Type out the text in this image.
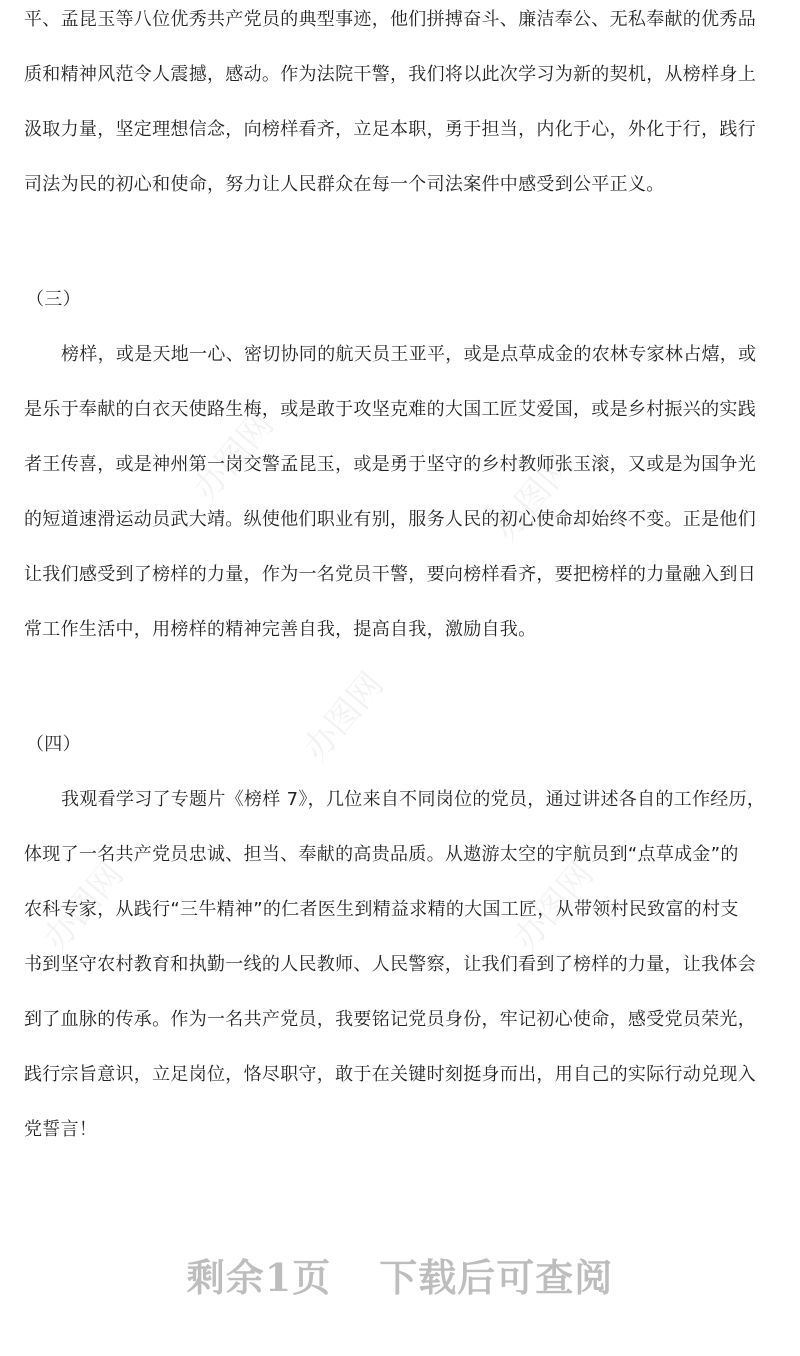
办图网	办图网
办图网
办图网	办图网
平、孟昆玉等八位优秀共产党员的典型事迹，他们拼搏奋斗、廉洁奉公、无私奉献的优秀品
质和精神风范令人震撼，感动。作为法院干警，我们将以此次学习为新的契机，从榜样身上
汲取力量，坚定理想信念，向榜样看齐，立足本职，勇于担当，内化于心，外化于行，践行
司法为民的初心和使命，努力让人民群众在每一个司法案件中感受到公平正义。
（三）
榜样，或是天地一心、密切协同的航天员王亚平，或是点草成金的农林专家林占熺，或
是乐于奉献的白衣天使路生梅，或是敢于攻坚克难的大国工匠艾爱国，或是乡村振兴的实践
者王传喜，或是神州第一岗交警孟昆玉，或是勇于坚守的乡村教师张玉滚，又或是为国争光
的短道速滑运动员武大靖。纵使他们职业有别，服务人民的初心使命却始终不变。正是他们
让我们感受到了榜样的力量，作为一名党员干警，要向榜样看齐，要把榜样的力量融入到日
常工作生活中，用榜样的精神完善自我，提高自我，激励自我。
（四）
我观看学习了专题片《榜样 7》，几位来自不同岗位的党员，通过讲述各自的工作经历，
体现了一名共产党员忠诚、担当、奉献的高贵品质。从遨游太空的宇航员到“点草成金”的
农科专家，从践行“三牛精神”的仁者医生到精益求精的大国工匠，从带领村民致富的村支
书到坚守农村教育和执勤一线的人民教师、人民警察，让我们看到了榜样的力量，让我体会
到了血脉的传承。作为一名共产党员，我要铭记党员身份，牢记初心使命，感受党员荣光，
践行宗旨意识，立足岗位，恪尽职守，敢于在关键时刻挺身而出，用自己的实际行动兑现入
党誓言！
剩余1页 下载后可查阅
